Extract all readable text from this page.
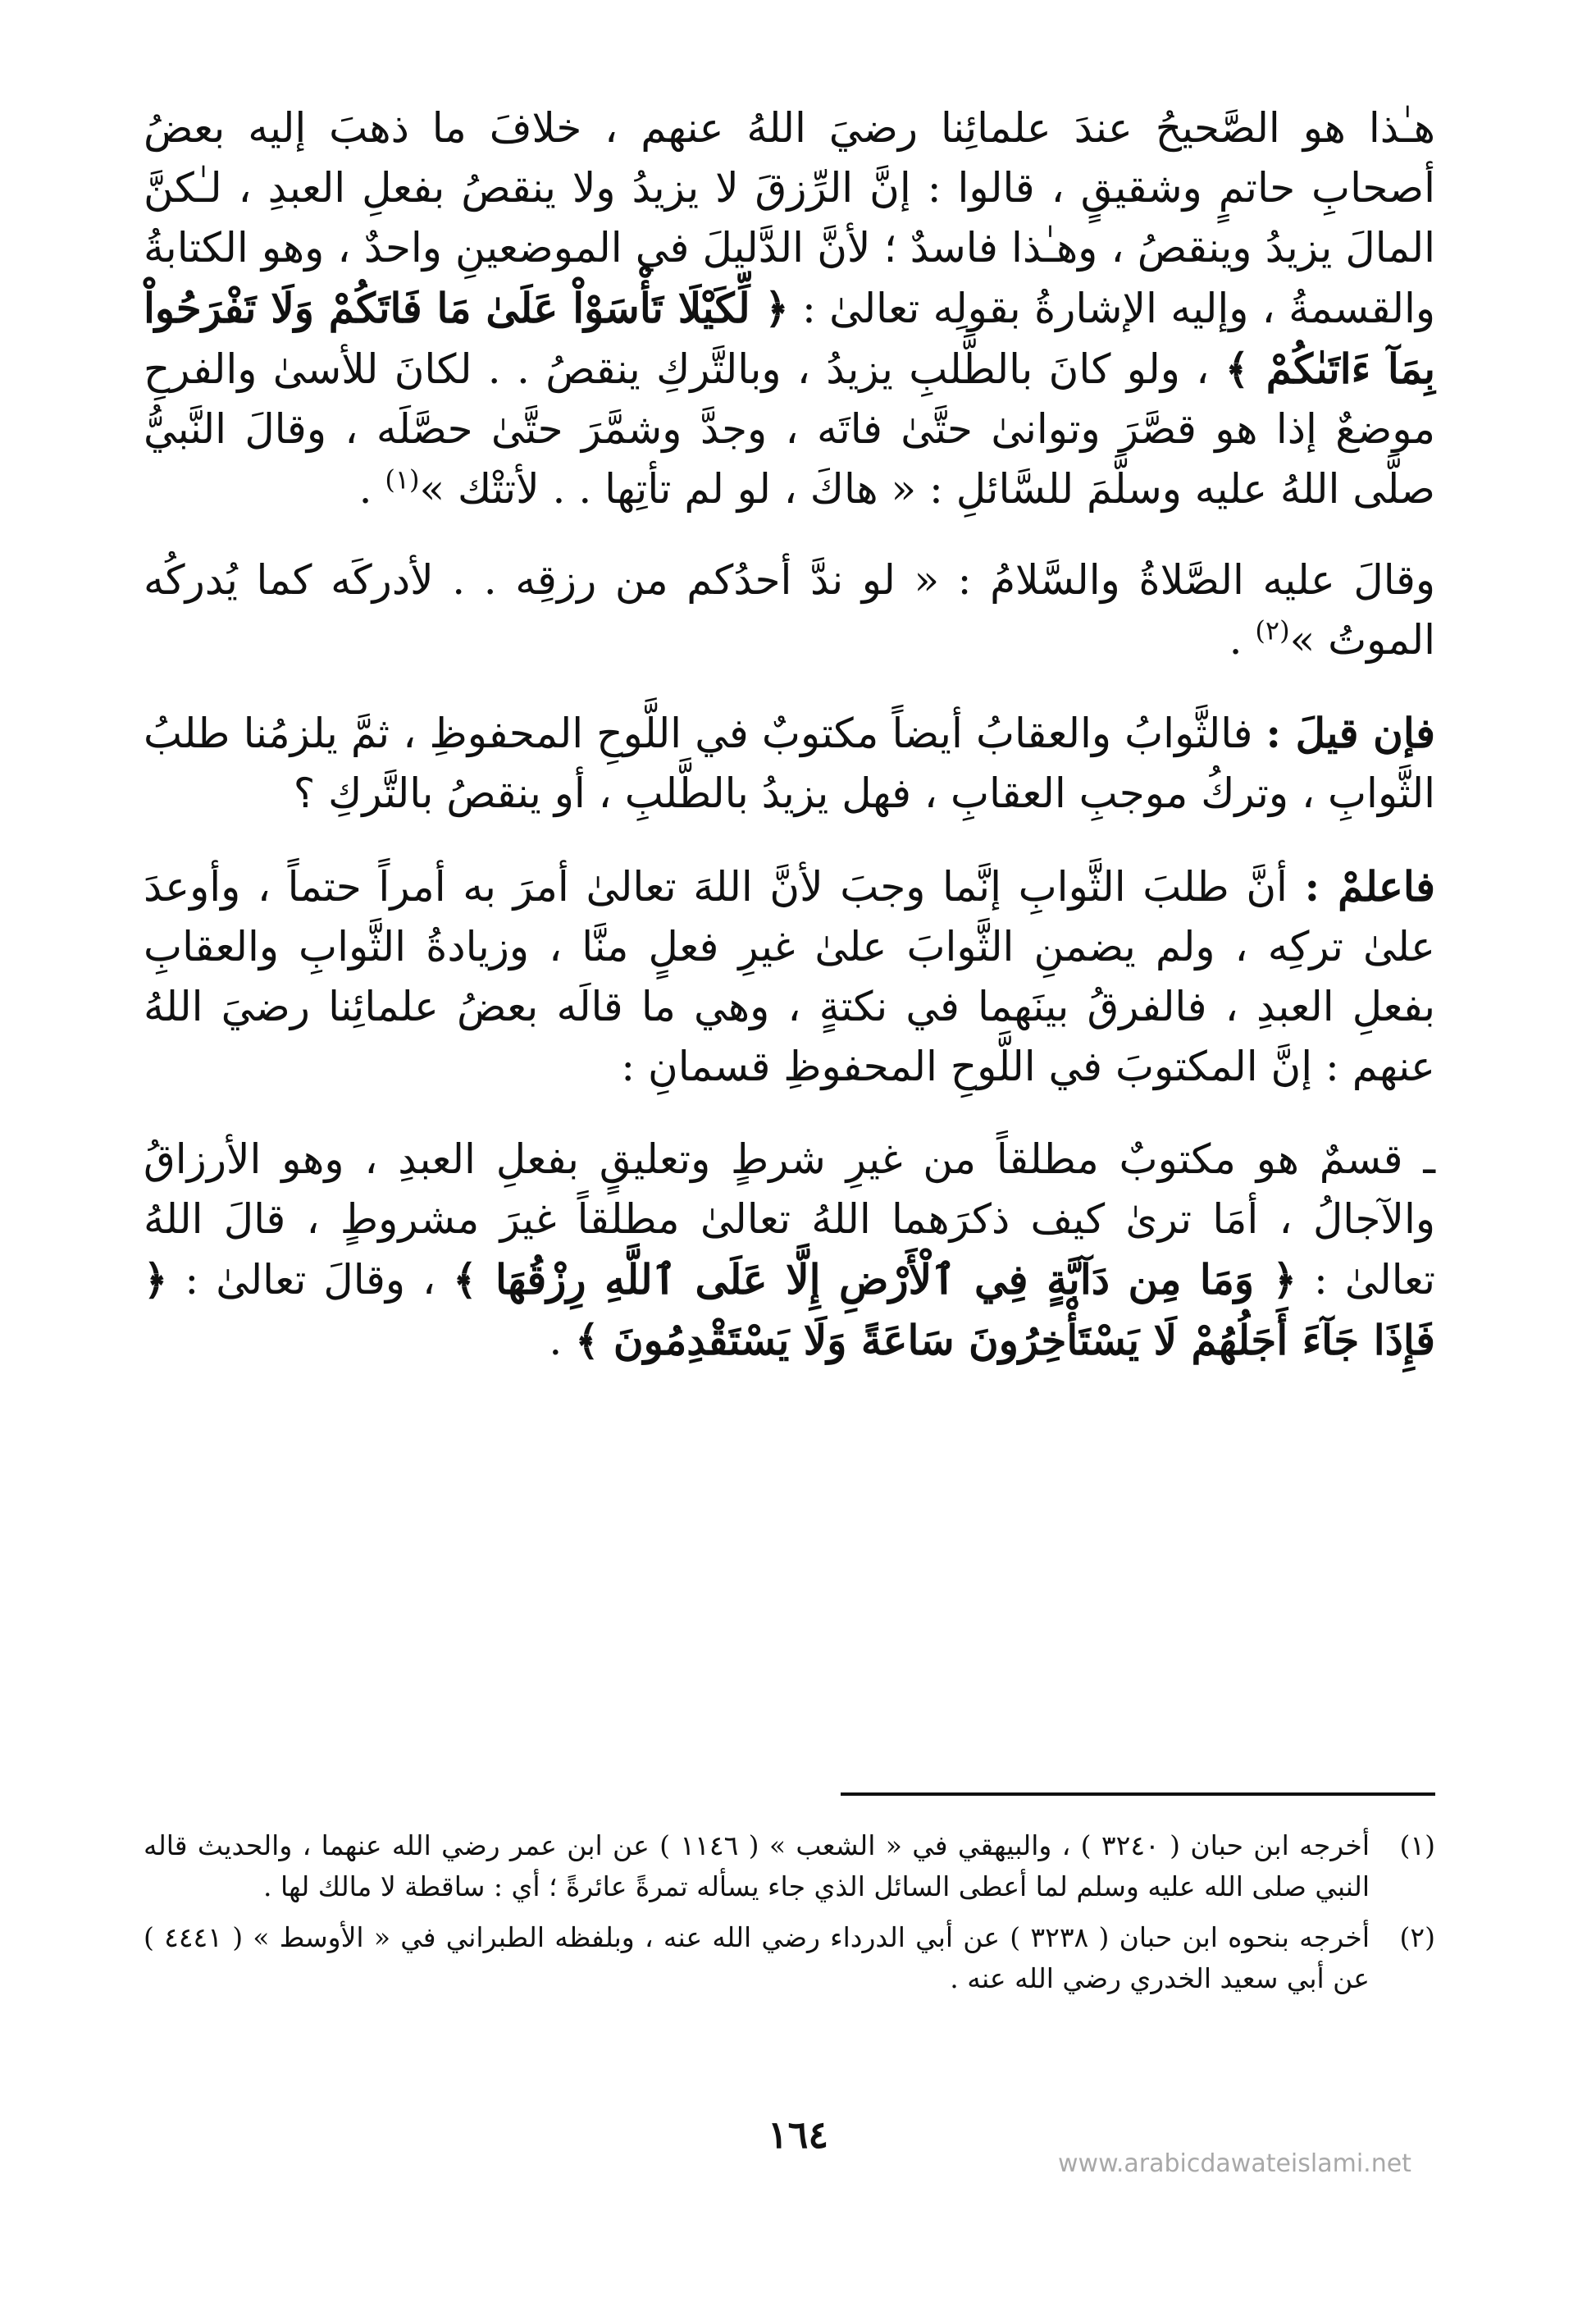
هـٰذا هو الصَّحيحُ عندَ علمائِنا رضيَ اللهُ عنهم ، خلافَ ما ذهبَ إليه بعضُ أصحابِ حاتمٍ وشقيقٍ ، قالوا : إنَّ الرِّزقَ لا يزيدُ ولا ينقصُ بفعلِ العبدِ ، لـٰكنَّ المالَ يزيدُ وينقصُ ، وهـٰذا فاسدٌ ؛ لأنَّ الدَّليلَ في الموضعينِ واحدٌ ، وهو الكتابةُ والقسمةُ ، وإليه الإشارةُ بقولِه تعالىٰ : ﴿ لِّكَيْلَا تَأْسَوْاْ عَلَىٰ مَا فَاتَكُمْ وَلَا تَفْرَحُواْ بِمَآ ءَاتَىٰكُمْ ﴾ ، ولو كانَ بالطَّلبِ يزيدُ ، وبالتَّركِ ينقصُ . . لكانَ للأسىٰ والفرحِ موضعٌ إذا هو قصَّرَ وتوانىٰ حتَّىٰ فاتَه ، وجدَّ وشمَّرَ حتَّىٰ حصَّلَه ، وقالَ النَّبيُّ صلَّى اللهُ عليه وسلَّمَ للسَّائلِ : « هاكَ ، لو لم تأتِها . . لأتتْك »$^{(١)}$ .

وقالَ عليه الصَّلاةُ والسَّلامُ : « لو ندَّ أحدُكم من رزقِه . . لأدركَه كما يُدركُه الموتُ »$^{(٢)}$ .

فإن قيلَ : فالثَّوابُ والعقابُ أيضاً مكتوبٌ في اللَّوحِ المحفوظِ ، ثمَّ يلزمُنا طلبُ الثَّوابِ ، وتركُ موجبِ العقابِ ، فهل يزيدُ بالطَّلبِ ، أو ينقصُ بالتَّركِ ؟

فاعلمْ : أنَّ طلبَ الثَّوابِ إنَّما وجبَ لأنَّ اللهَ تعالىٰ أمرَ به أمراً حتماً ، وأوعدَ علىٰ تركِه ، ولم يضمنِ الثَّوابَ علىٰ غيرِ فعلٍ منَّا ، وزيادةُ الثَّوابِ والعقابِ بفعلِ العبدِ ، فالفرقُ بينَهما في نكتةٍ ، وهي ما قالَه بعضُ علمائِنا رضيَ اللهُ عنهم : إنَّ المكتوبَ في اللَّوحِ المحفوظِ قسمانِ :

ـ قسمٌ هو مكتوبٌ مطلقاً من غيرِ شرطٍ وتعليقٍ بفعلِ العبدِ ، وهو الأرزاقُ والآجالُ ، أمَا ترىٰ كيف ذكرَهما اللهُ تعالىٰ مطلقاً غيرَ مشروطٍ ، قالَ اللهُ تعالىٰ : ﴿ وَمَا مِن دَآبَّةٍ فِي ٱلْأَرْضِ إِلَّا عَلَى ٱللَّهِ رِزْقُهَا ﴾ ، وقالَ تعالىٰ : ﴿ فَإِذَا جَآءَ أَجَلُهُمْ لَا يَسْتَأْخِرُونَ سَاعَةً وَلَا يَسْتَقْدِمُونَ ﴾ .

(١)
أخرجه ابن حبان ( ٣٢٤٠ ) ، والبيهقي في « الشعب » ( ١١٤٦ ) عن ابن عمر رضي الله عنهما ، والحديث قاله النبي صلى الله عليه وسلم لما أعطى السائل الذي جاء يسأله تمرةً عائرةً ؛ أي : ساقطة لا مالك لها .
(٢)
أخرجه بنحوه ابن حبان ( ٣٢٣٨ ) عن أبي الدرداء رضي الله عنه ، وبلفظه الطبراني في « الأوسط » ( ٤٤٤١ ) عن أبي سعيد الخدري رضي الله عنه .
١٦٤
www.arabicdawateislami.net
